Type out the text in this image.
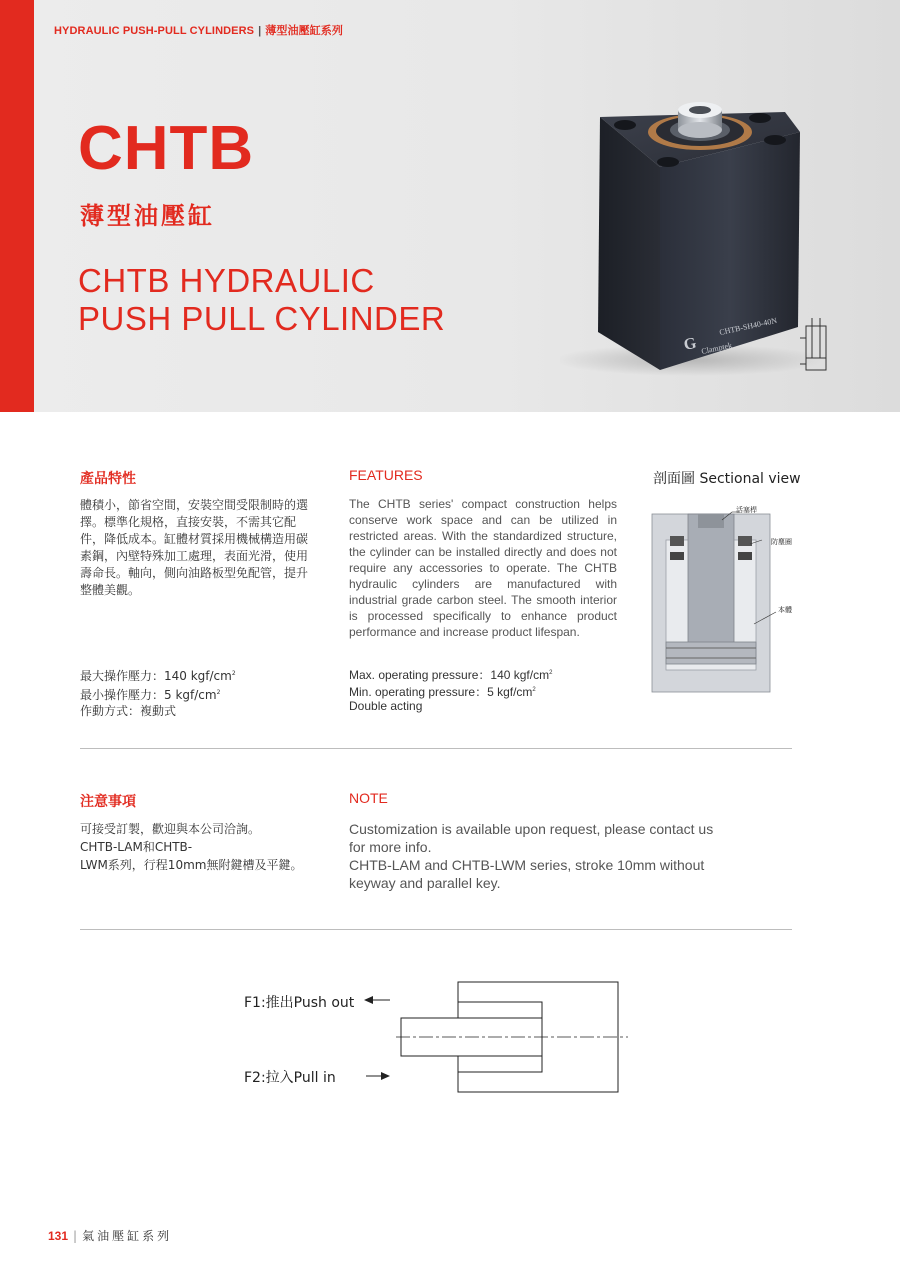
HYDRAULIC PUSH-PULL CYLINDERS | 薄型油壓缸系列
CHTB
薄型油壓缸
CHTB HYDRAULIC
PUSH PULL CYLINDER	CHTB-SH40-40N
Clamptek
G
產品特性
體積小，節省空間，安裝空間受限制時的選擇。標準化規格，直接安裝，不需其它配件，降低成本。缸體材質採用機械構造用碳素鋼，內壁特殊加工處理，表面光滑，使用壽命長。軸向，側向油路板型免配管，提升整體美觀。
最大操作壓力：140 kgf/$cm^2$
最小操作壓力：5 kgf/$cm^2$
作動方式：複動式
FEATURES
The CHTB series' compact construction helps conserve work space and can be utilized in restricted areas. With the standardized structure, the cylinder can be installed directly and does not require any accessories to operate. The CHTB hydraulic cylinders are manufactured with industrial grade carbon steel. The smooth interior is processed specifically to enhance product performance and increase product lifespan.
Max. operating pressure：140 kgf/$cm^2$
Min. operating pressure：5 kgf/$cm^2$
Double acting
剖面圖 Sectional view
活塞桿
防塵圈
本體
注意事項
可接受訂製，歡迎與本公司洽詢。
CHTB-LAM和CHTB-
LWM系列，行程10mm無附鍵槽及平鍵。
NOTE
Customization is available upon request, please contact us
for more info.
CHTB-LAM and CHTB-LWM series, stroke 10mm without
keyway and parallel key.
F1:推出Push out
F2:拉入Pull in
131 | 氣油壓缸系列
